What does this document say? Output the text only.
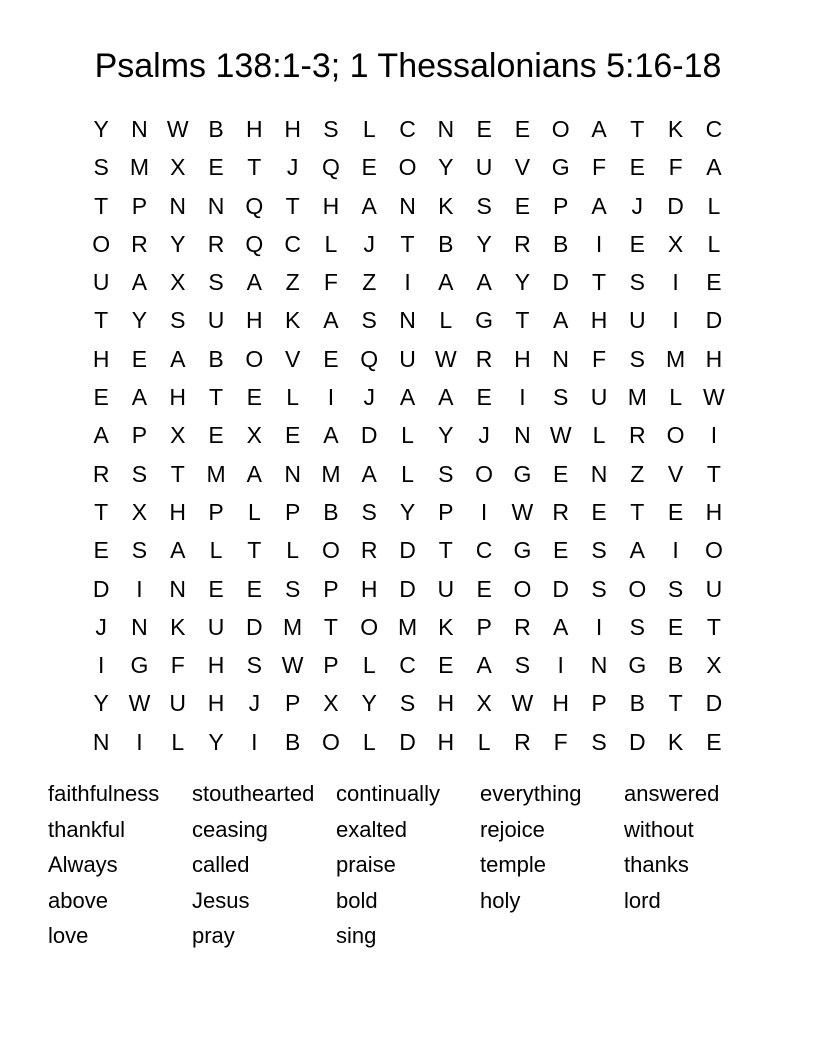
Psalms 138:1-3; 1 Thessalonians 5:16-18
Y N W B H H S	L	C N E E O A	T	K C
S M X E	T	J	Q E O Y U V G F	E	F	A
T	P N N Q T H A N K S E P A	J	D	L
O R Y R Q C	L	J	T	B Y R B	I	E X	L
U A X S A	Z	F	Z	I	A A Y D T	S	I	E
T	Y S U H K A S N	L G T	A H U	I	D
H E A B O V E Q U W R H N F	S M H
E A H T	E	L	I	J	A A E	I	S U M L W
A P X E X E A D	L	Y	J	N W L	R O	I
R S	T M A N M A	L	S O G E N Z	V	T
T	X H P	L	P B S Y P	I	W R E	T	E H
E S A	L	T	L O R D T C G E S A	I	O
D	I	N E E S P H D U E O D S O S U
J	N K U D M T O M K P R A	I	S E	T
I	G F H S W P	L	C E A S	I	N G B X
Y W U H	J	P X Y S H X W H P B	T D
N	I	L	Y	I	B O L	D H	L	R F	S D K E
faithfulness	stouthearted continually	everything	answered
thankful	ceasing	exalted	rejoice	without
Always	called	praise	temple	thanks
above	Jesus	bold	holy	lord
love	pray	sing
